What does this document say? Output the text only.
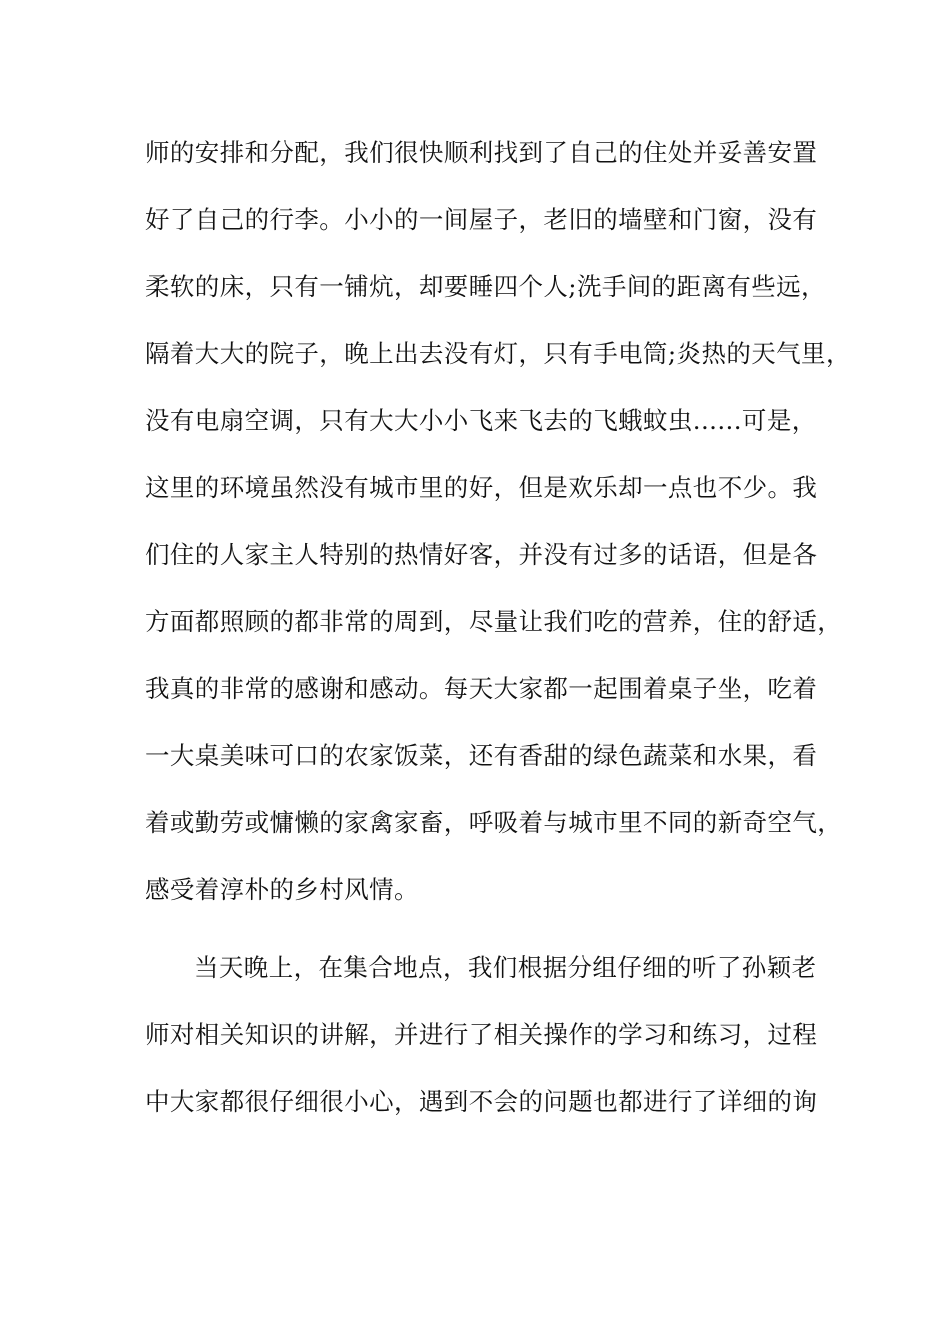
师的安排和分配，我们很快顺利找到了自己的住处并妥善安置
好了自己的行李。小小的一间屋子，老旧的墙壁和门窗，没有
柔软的床，只有一铺炕，却要睡四个人;洗手间的距离有些远，
隔着大大的院子，晚上出去没有灯，只有手电筒;炎热的天气里，
没有电扇空调，只有大大小小飞来飞去的飞蛾蚊虫......可是，
这里的环境虽然没有城市里的好，但是欢乐却一点也不少。我
们住的人家主人特别的热情好客，并没有过多的话语，但是各
方面都照顾的都非常的周到，尽量让我们吃的营养，住的舒适，
我真的非常的感谢和感动。每天大家都一起围着桌子坐，吃着
一大桌美味可口的农家饭菜，还有香甜的绿色蔬菜和水果，看
着或勤劳或慵懒的家禽家畜，呼吸着与城市里不同的新奇空气，
感受着淳朴的乡村风情。
当天晚上，在集合地点，我们根据分组仔细的听了孙颖老
师对相关知识的讲解，并进行了相关操作的学习和练习，过程
中大家都很仔细很小心，遇到不会的问题也都进行了详细的询
